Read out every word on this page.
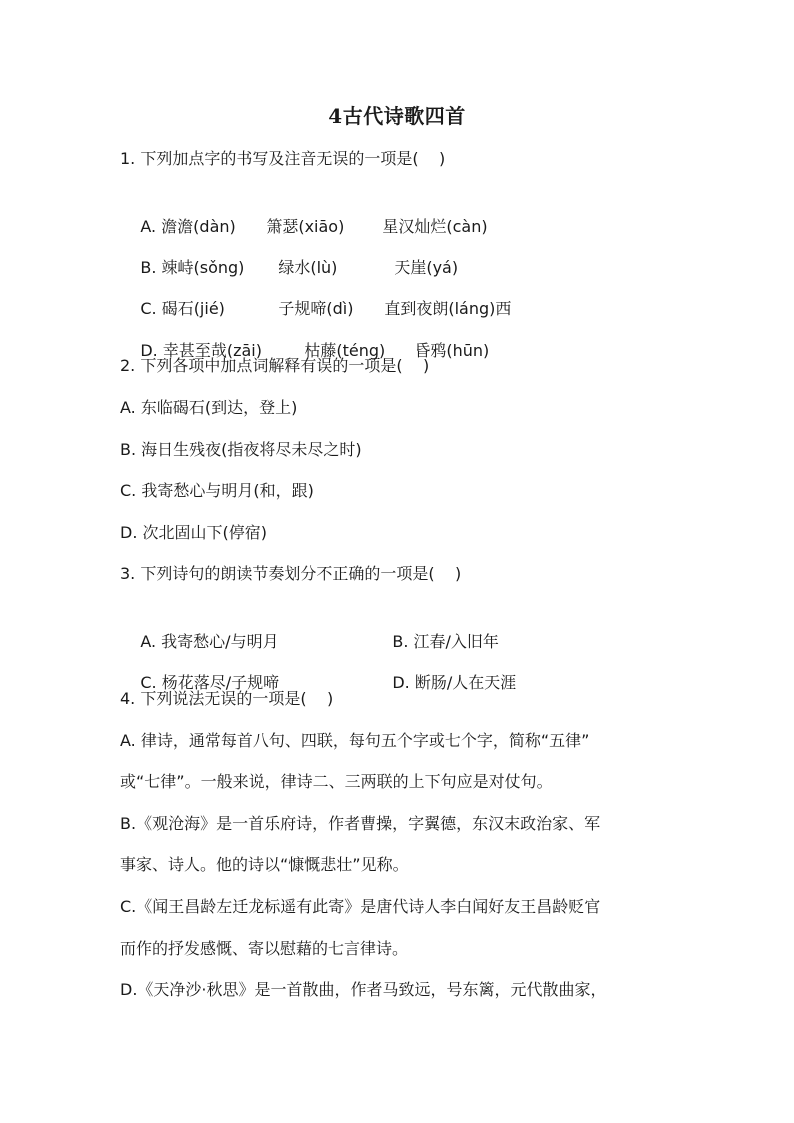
4古代诗歌四首
1. 下列加点字的书写及注音无误的一项是(    )

A. 澹澹(dàn) 箫瑟(xiāo) 星汉灿烂(càn)

B. 竦峙(sǒng) 绿水(lù)	天崖(yá)

C. 碣石(jié)	子规啼(dì) 直到夜朗(láng)西

D. 幸甚至哉(zāi)	枯藤(téng) 昏鸦(hūn)

2. 下列各项中加点词解释有误的一项是(    )
A. 东临碣石(到达，登上)
B. 海日生残夜(指夜将尽未尽之时)
C. 我寄愁心与明月(和，跟)
D. 次北固山下(停宿)
3. 下列诗句的朗读节奏划分不正确的一项是(    )

A. 我寄愁心/与明月	B. 江春/入旧年

C. 杨花落尽/子规啼	D. 断肠/人在天涯

4. 下列说法无误的一项是(    )
A. 律诗，通常每首八句、四联，每句五个字或七个字，简称“五律”
或“七律”。一般来说，律诗二、三两联的上下句应是对仗句。
B.《观沧海》是一首乐府诗，作者曹操，字翼德，东汉末政治家、军
事家、诗人。他的诗以“慷慨悲壮”见称。
C.《闻王昌龄左迁龙标遥有此寄》是唐代诗人李白闻好友王昌龄贬官
而作的抒发感慨、寄以慰藉的七言律诗。
D.《天净沙·秋思》是一首散曲，作者马致远，号东篱，元代散曲家，
